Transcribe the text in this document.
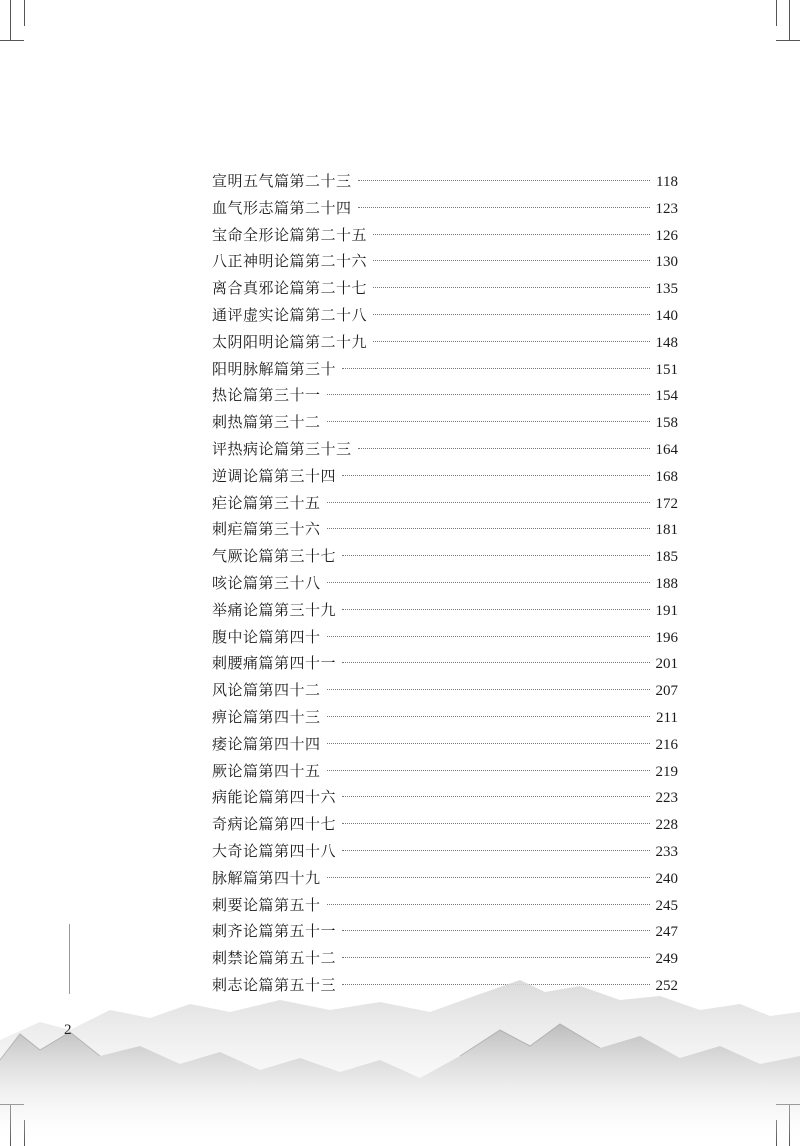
宣明五气篇第二十三	118
血气形志篇第二十四	123
宝命全形论篇第二十五	126
八正神明论篇第二十六	130
离合真邪论篇第二十七	135
通评虚实论篇第二十八	140
太阴阳明论篇第二十九	148
阳明脉解篇第三十	151
热论篇第三十一	154
刺热篇第三十二	158
评热病论篇第三十三	164
逆调论篇第三十四	168
疟论篇第三十五	172
刺疟篇第三十六	181
气厥论篇第三十七	185
咳论篇第三十八	188
举痛论篇第三十九	191
腹中论篇第四十	196
刺腰痛篇第四十一	201
风论篇第四十二	207
痹论篇第四十三	211
痿论篇第四十四	216
厥论篇第四十五	219
病能论篇第四十六	223
奇病论篇第四十七	228
大奇论篇第四十八	233
脉解篇第四十九	240
刺要论篇第五十	245
刺齐论篇第五十一	247
刺禁论篇第五十二	249
刺志论篇第五十三	252
2
